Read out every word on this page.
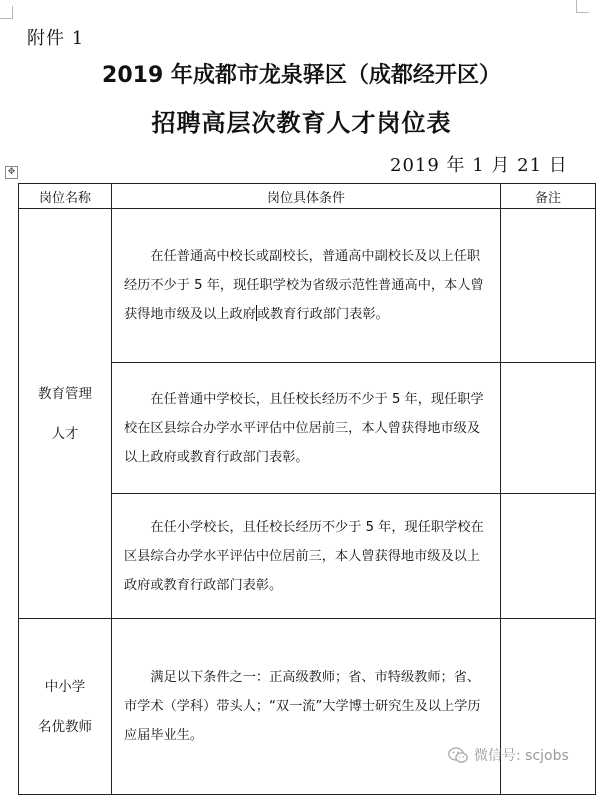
附件 1
2019 年成都市龙泉驿区（成都经开区）
招聘高层次教育人才岗位表
2019 年 1 月 21 日
✥
岗位名称	岗位具体条件	备注

教育管理
人才	在任普通高中校长或副校长，普通高中副校长及以上任职经历不少于 5 年，现任职学校为省级示范性普通高中，本人曾获得地市级及以上政府或教育行政部门表彰。	

	在任普通中学校长，且任校长经历不少于 5 年，现任职学校在区县综合办学水平评估中位居前三，本人曾获得地市级及以上政府或教育行政部门表彰。	

	在任小学校长，且任校长经历不少于 5 年，现任职学校在区县综合办学水平评估中位居前三，本人曾获得地市级及以上政府或教育行政部门表彰。	

中小学
名优教师	满足以下条件之一：正高级教师；省、市特级教师；省、市学术（学科）带头人；“双一流”大学博士研究生及以上学历应届毕业生。	

微信号: scjobs
